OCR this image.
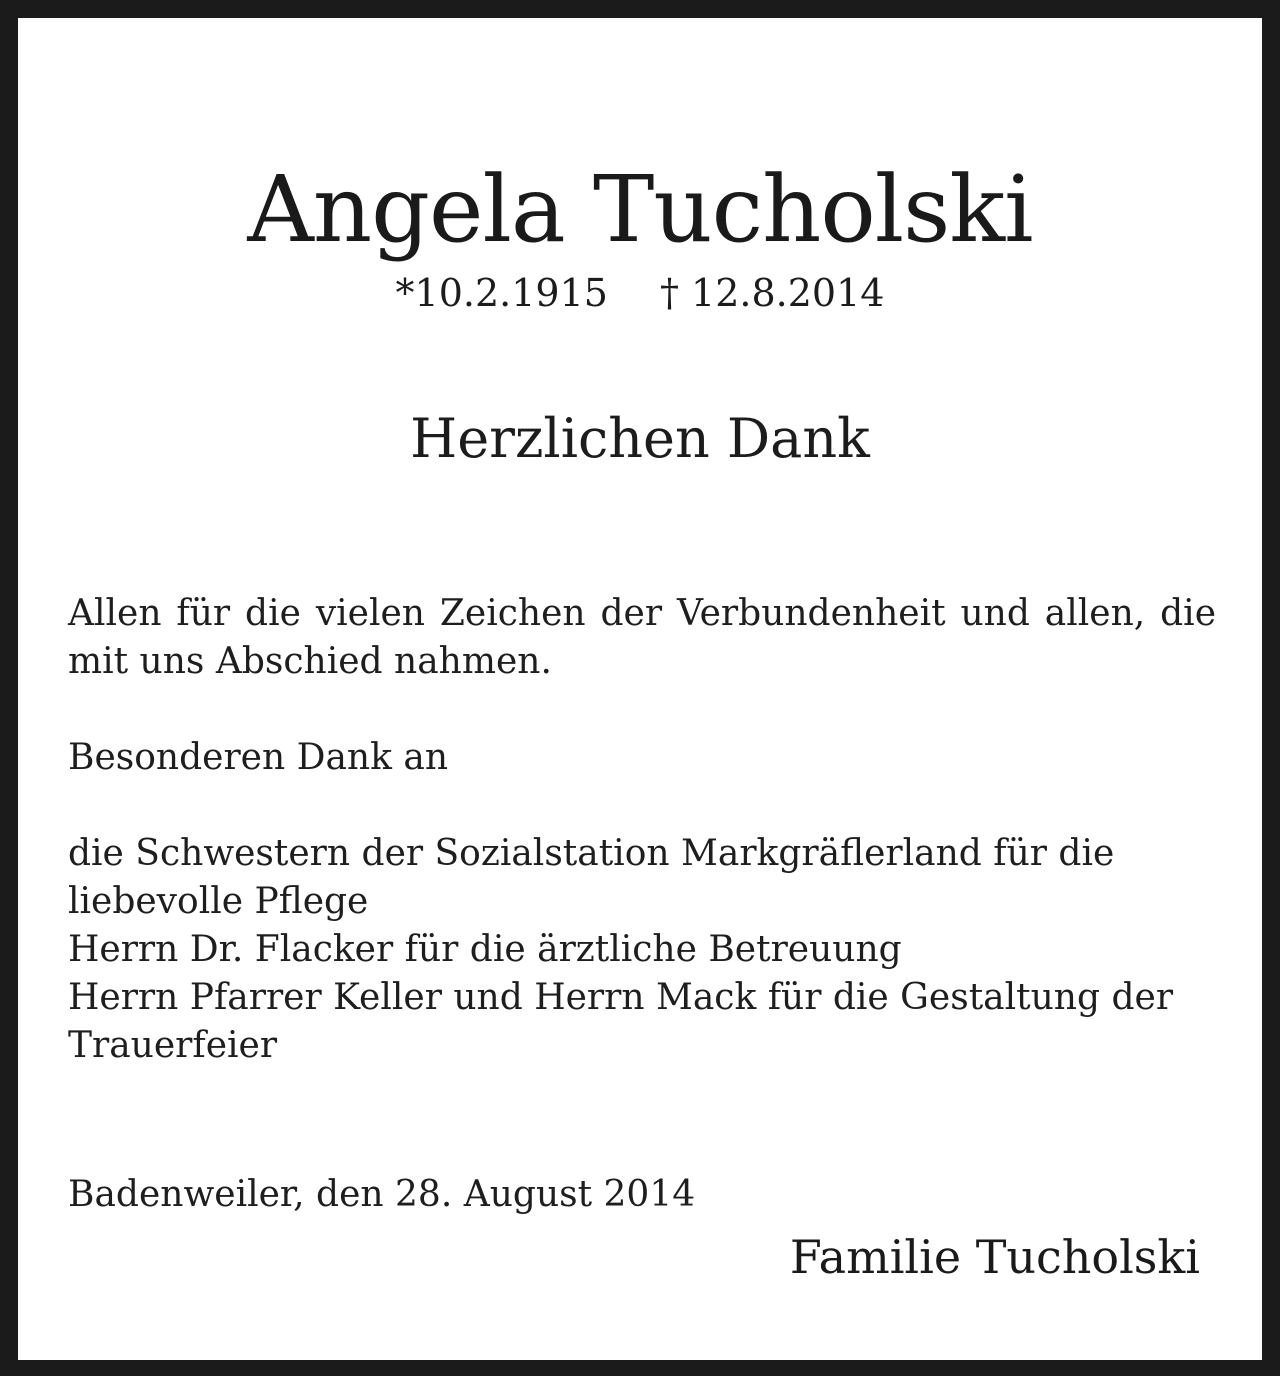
Angela Tucholski
*10.2.1915 † 12.8.2014
Herzlichen Dank
Allen für die vielen Zeichen der Verbundenheit und allen, die
mit uns Abschied nahmen.
Besonderen Dank an
die Schwestern der Sozialstation Markgräflerland für die
liebevolle Pflege
Herrn Dr. Flacker für die ärztliche Betreuung
Herrn Pfarrer Keller und Herrn Mack für die Gestaltung der
Trauerfeier
Badenweiler, den 28. August 2014
Familie Tucholski
